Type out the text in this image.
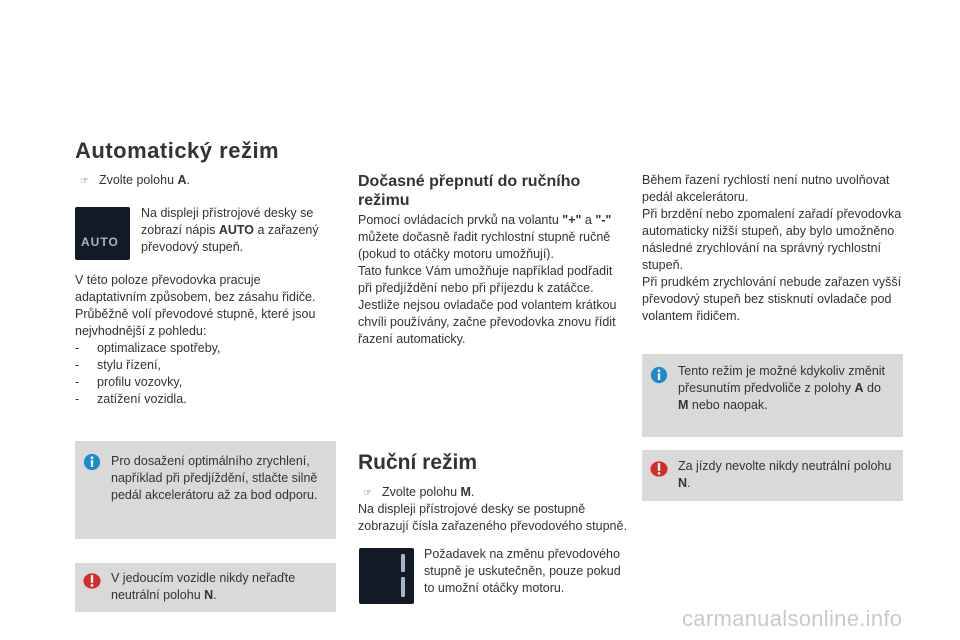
Automatický režim
☞ Zvolte polohu A.
AUTO
Na displeji přístrojové desky se zobrazí nápis AUTO a zařazený převodový stupeň.
V této poloze převodovka pracuje adaptativním způsobem, bez zásahu řidiče. Průběžně volí převodové stupně, které jsou nejvhodnější z pohledu:
- optimalizace spotřeby,
- stylu řízení,
- profilu vozovky,
- zatížení vozidla.
Pro dosažení optimálního zrychlení, například při předjíždění, stlačte silně pedál akcelerátoru až za bod odporu.
V jedoucím vozidle nikdy neřaďte neutrální polohu N.
Dočasné přepnutí do ručního režimu
Pomocí ovládacích prvků na volantu "+" a "-" můžete dočasně řadit rychlostní stupně ručně (pokud to otáčky motoru umožňují).
Tato funkce Vám umožňuje například podřadit při předjíždění nebo při příjezdu k zatáčce.
Jestliže nejsou ovladače pod volantem krátkou chvíli používány, začne převodovka znovu řídit řazení automaticky.
Ruční režim
☞ Zvolte polohu M.
Na displeji přístrojové desky se postupně zobrazují čísla zařazeného převodového stupně.
Požadavek na změnu převodového stupně je uskutečněn, pouze pokud to umožní otáčky motoru.
Během řazení rychlostí není nutno uvolňovat pedál akcelerátoru.
Při brzdění nebo zpomalení zařadí převodovka automaticky nižší stupeň, aby bylo umožněno následné zrychlování na správný rychlostní stupeň.
Při prudkém zrychlování nebude zařazen vyšší převodový stupeň bez stisknutí ovladače pod volantem řidičem.
Tento režim je možné kdykoliv změnit přesunutím předvoliče z polohy A do M nebo naopak.
Za jízdy nevolte nikdy neutrální polohu N.
carmanualsonline.info
